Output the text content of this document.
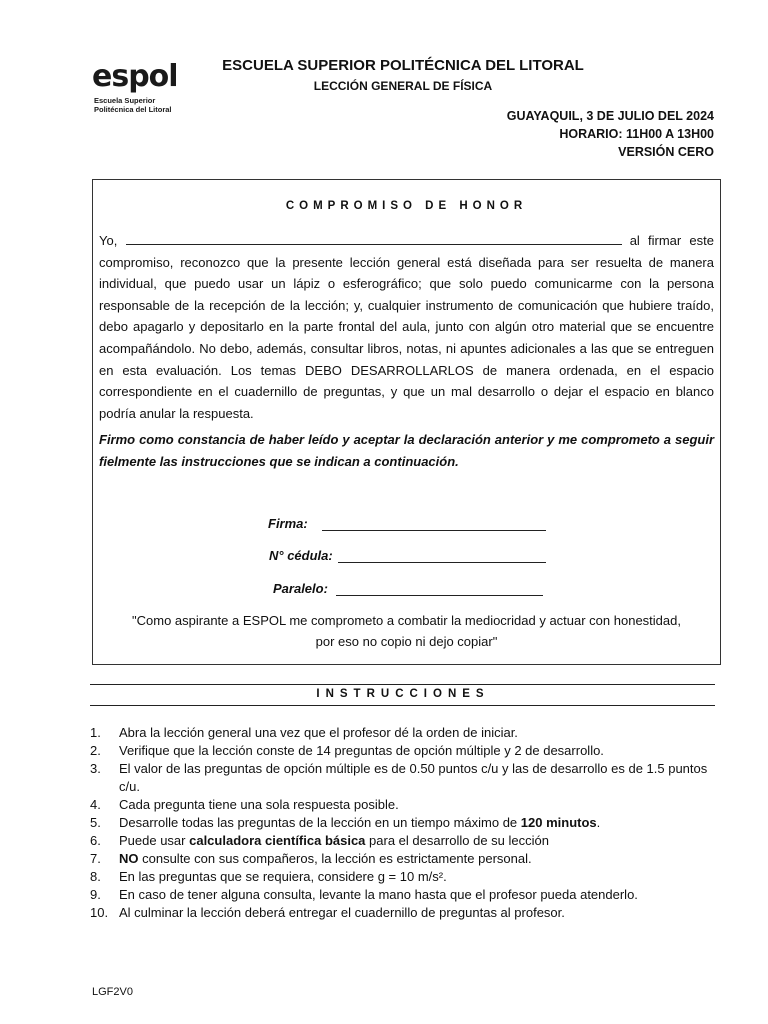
espol
Escuela Superior
Politécnica del Litoral
ESCUELA SUPERIOR POLITÉCNICA DEL LITORAL
LECCIÓN GENERAL DE FÍSICA
GUAYAQUIL, 3 DE JULIO DEL 2024
HORARIO: 11H00 A 13H00
VERSIÓN CERO
COMPROMISO DE HONOR

Yo,	al firmar este compromiso, reconozco que la presente lección general está diseñada para ser resuelta de manera individual, que puedo usar un lápiz o esferográfico; que solo puedo comunicarme con la persona responsable de la recepción de la lección; y, cualquier instrumento de comunicación que hubiere traído, debo apagarlo y depositarlo en la parte frontal del aula, junto con algún otro material que se encuentre acompañándolo. No debo, además, consultar libros, notas, ni apuntes adicionales a las que se entreguen en esta evaluación. Los temas DEBO DESARROLLARLOS de manera ordenada, en el espacio correspondiente en el cuadernillo de preguntas, y que un mal desarrollo o dejar el espacio en blanco podría anular la respuesta.

Firmo como constancia de haber leído y aceptar la declaración anterior y me comprometo a seguir fielmente las instrucciones que se indican a continuación.

Firma:
N° cédula:
Paralelo:
"Como aspirante a ESPOL me comprometo a combatir la mediocridad y actuar con honestidad,
por eso no copio ni dejo copiar"
INSTRUCCIONES
1. Abra la lección general una vez que el profesor dé la orden de iniciar.
2. Verifique que la lección conste de 14 preguntas de opción múltiple y 2 de desarrollo.
3. El valor de las preguntas de opción múltiple es de 0.50 puntos c/u y las de desarrollo es de 1.5 puntos c/u.
4. Cada pregunta tiene una sola respuesta posible.
5. Desarrolle todas las preguntas de la lección en un tiempo máximo de 120 minutos.
6. Puede usar calculadora científica básica para el desarrollo de su lección
7. NO consulte con sus compañeros, la lección es estrictamente personal.
8. En las preguntas que se requiera, considere g = 10 m/s².
9. En caso de tener alguna consulta, levante la mano hasta que el profesor pueda atenderlo.
10. Al culminar la lección deberá entregar el cuadernillo de preguntas al profesor.
LGF2V0
